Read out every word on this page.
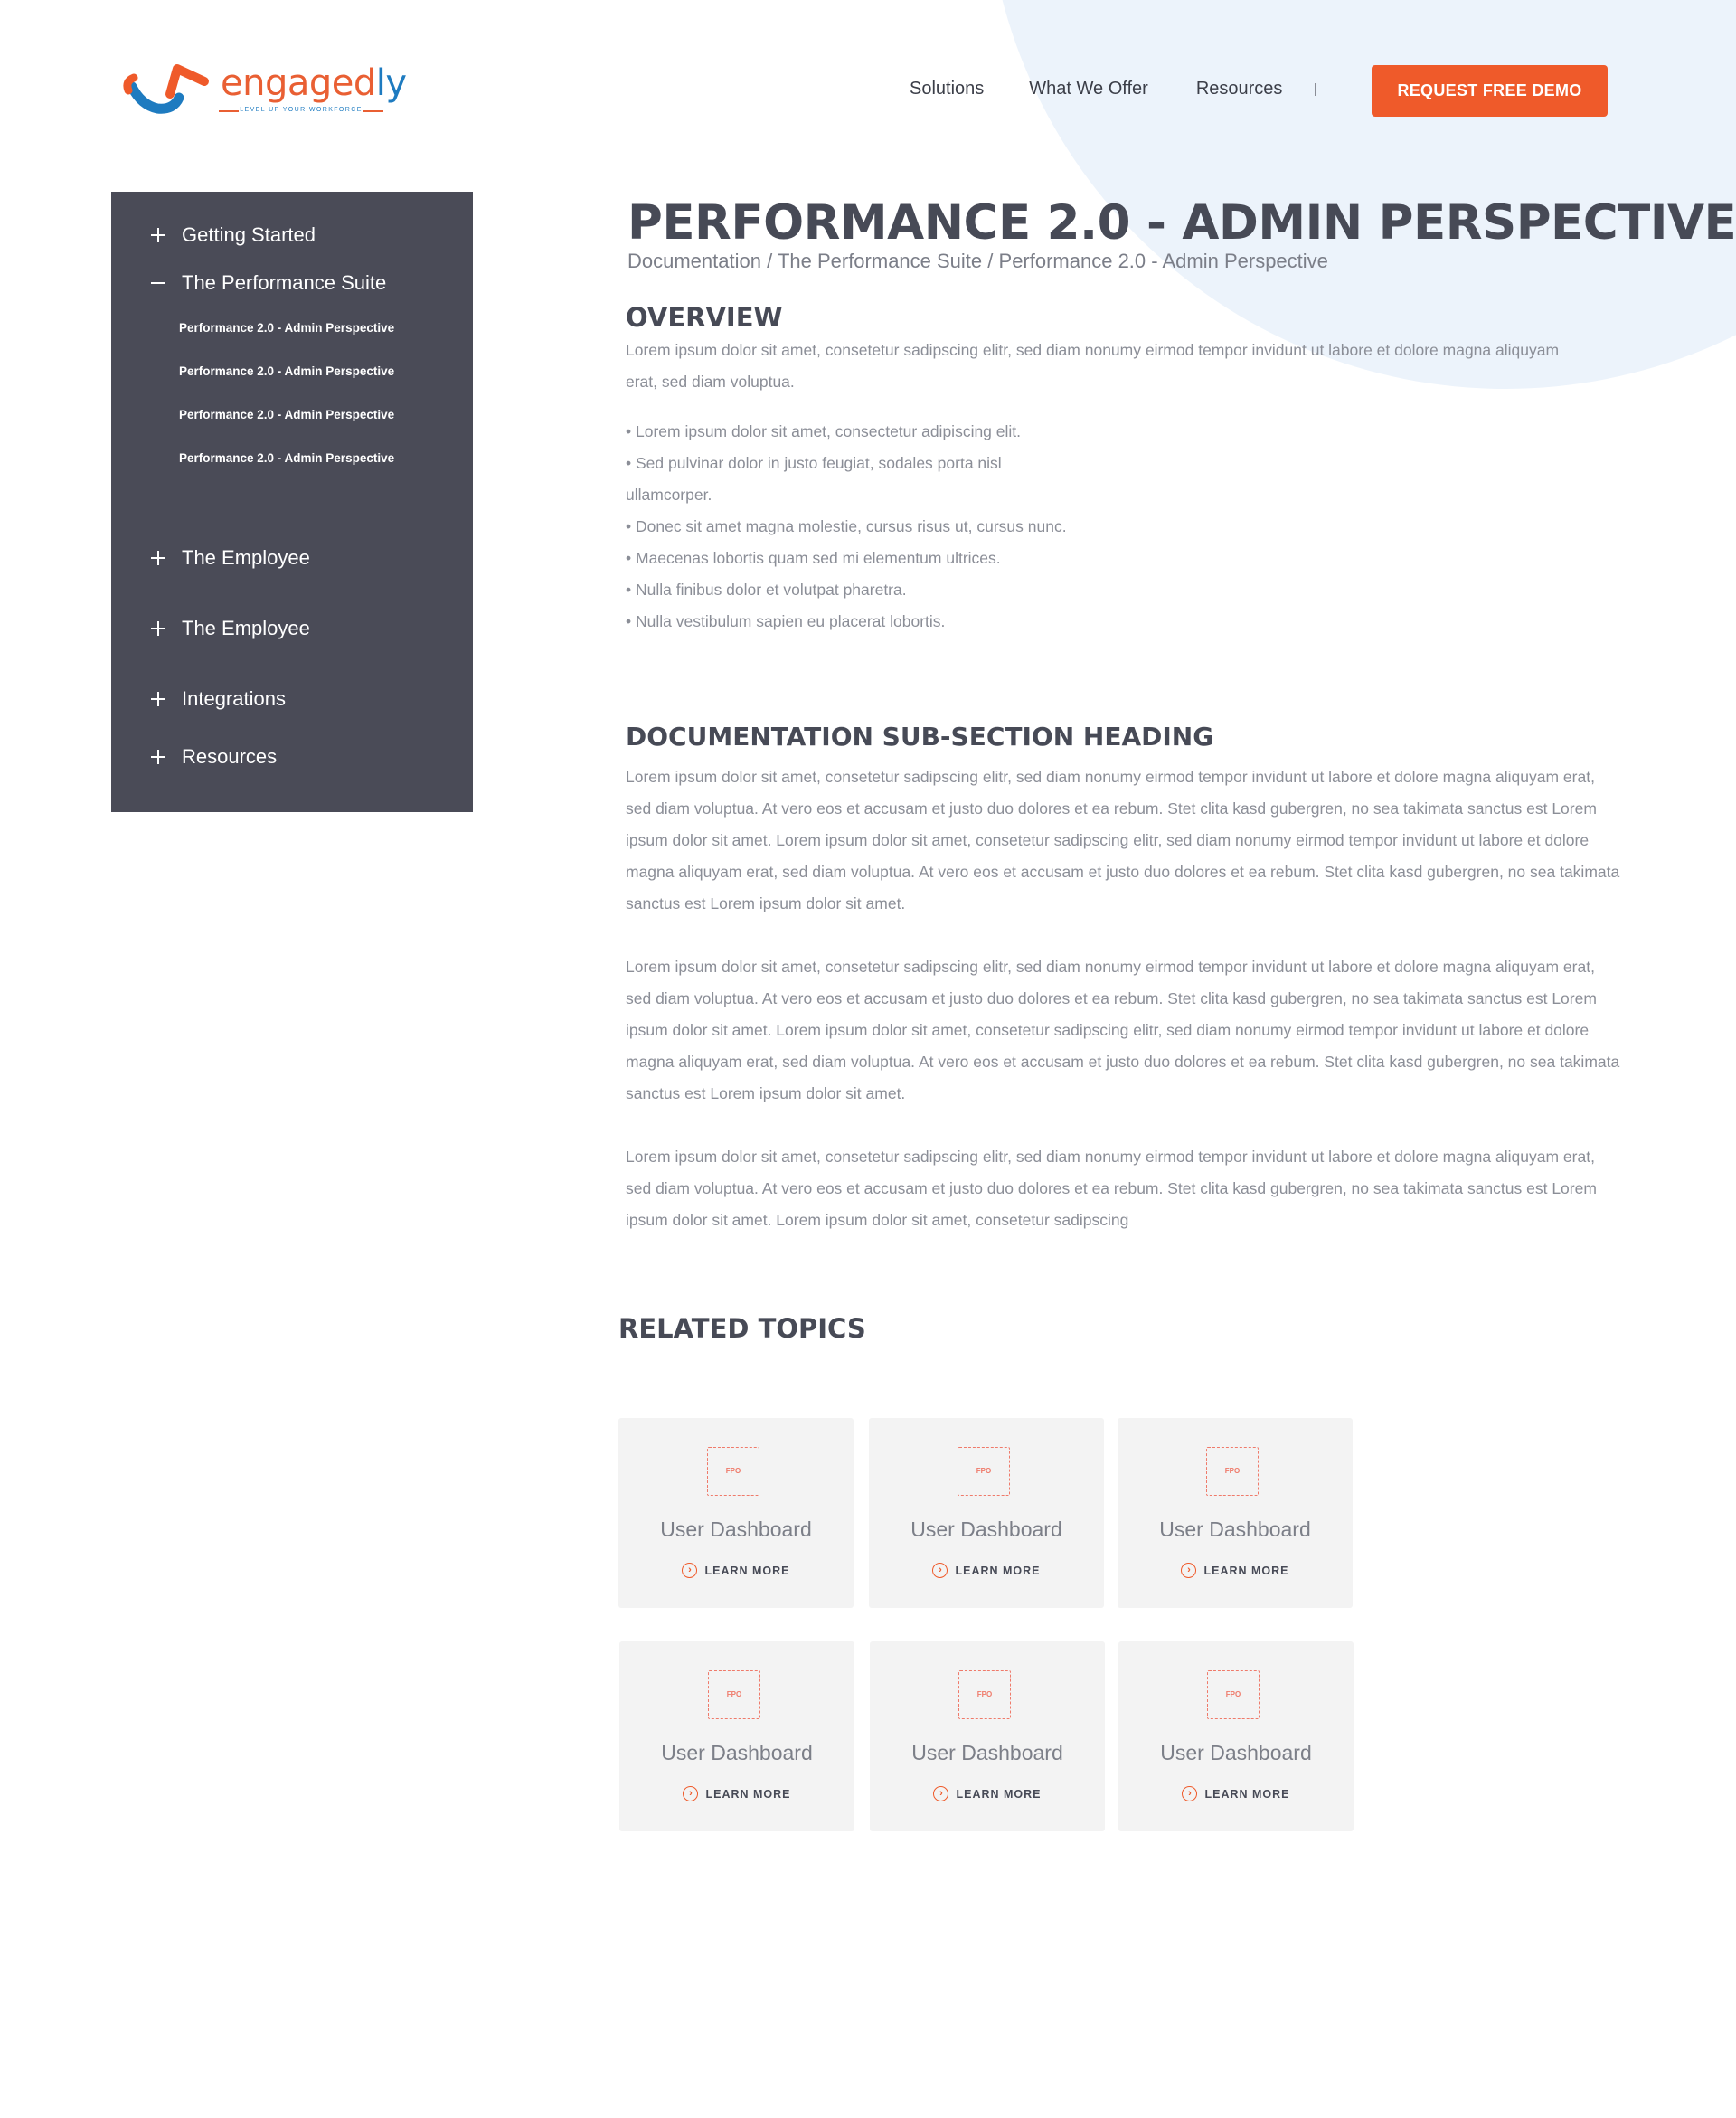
engagedly
LEVEL UP YOUR WORKFORCE
Solutions	What We Offer	Resources	REQUEST FREE DEMO
Getting Started
The Performance Suite
Performance 2.0 - Admin Perspective
Performance 2.0 - Admin Perspective
Performance 2.0 - Admin Perspective
Performance 2.0 - Admin Perspective
The Employee
The Employee
Integrations
Resources
PERFORMANCE 2.0 - ADMIN PERSPECTIVE
Documentation / The Performance Suite / Performance 2.0 - Admin Perspective
OVERVIEW

Lorem ipsum dolor sit amet, consetetur sadipscing elitr, sed diam nonumy eirmod tempor invidunt ut labore et dolore magna aliquyam erat, sed diam voluptua.

• Lorem ipsum dolor sit amet, consectetur adipiscing elit.
• Sed pulvinar dolor in justo feugiat, sodales porta nisl ullamcorper.
• Donec sit amet magna molestie, cursus risus ut, cursus nunc.
• Maecenas lobortis quam sed mi elementum ultrices.
• Nulla finibus dolor et volutpat pharetra.
• Nulla vestibulum sapien eu placerat lobortis.
DOCUMENTATION SUB-SECTION HEADING

Lorem ipsum dolor sit amet, consetetur sadipscing elitr, sed diam nonumy eirmod tempor invidunt ut labore et dolore magna aliquyam erat, sed diam voluptua. At vero eos et accusam et justo duo dolores et ea rebum. Stet clita kasd gubergren, no sea takimata sanctus est Lorem ipsum dolor sit amet. Lorem ipsum dolor sit amet, consetetur sadipscing elitr, sed diam nonumy eirmod tempor invidunt ut labore et dolore magna aliquyam erat, sed diam voluptua. At vero eos et accusam et justo duo dolores et ea rebum. Stet clita kasd gubergren, no sea takimata sanctus est Lorem ipsum dolor sit amet.

Lorem ipsum dolor sit amet, consetetur sadipscing elitr, sed diam nonumy eirmod tempor invidunt ut labore et dolore magna aliquyam erat, sed diam voluptua. At vero eos et accusam et justo duo dolores et ea rebum. Stet clita kasd gubergren, no sea takimata sanctus est Lorem ipsum dolor sit amet. Lorem ipsum dolor sit amet, consetetur sadipscing elitr, sed diam nonumy eirmod tempor invidunt ut labore et dolore magna aliquyam erat, sed diam voluptua. At vero eos et accusam et justo duo dolores et ea rebum. Stet clita kasd gubergren, no sea takimata sanctus est Lorem ipsum dolor sit amet.

Lorem ipsum dolor sit amet, consetetur sadipscing elitr, sed diam nonumy eirmod tempor invidunt ut labore et dolore magna aliquyam erat, sed diam voluptua. At vero eos et accusam et justo duo dolores et ea rebum. Stet clita kasd gubergren, no sea takimata sanctus est Lorem ipsum dolor sit amet. Lorem ipsum dolor sit amet, consetetur sadipscing

RELATED TOPICS
FPO
User Dashboard
›	LEARN MORE
FPO
User Dashboard
›	LEARN MORE
FPO
User Dashboard
›	LEARN MORE
FPO
User Dashboard
›	LEARN MORE
FPO
User Dashboard
›	LEARN MORE
FPO
User Dashboard
›	LEARN MORE
